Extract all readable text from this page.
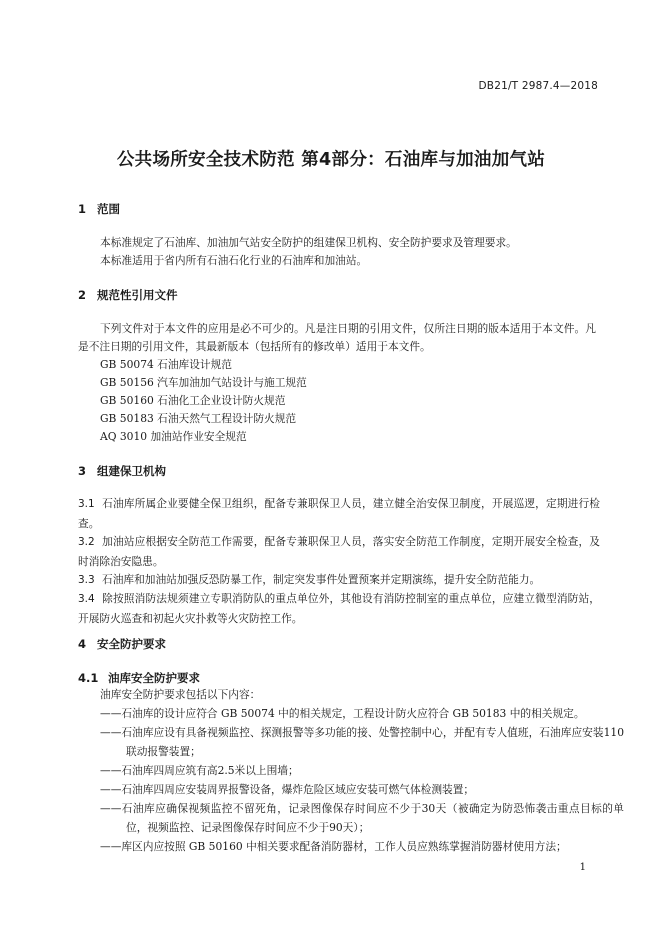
DB21/T 2987.4—2018
公共场所安全技术防范 第4部分：石油库与加油加气站
1 范围
本标准规定了石油库、加油加气站安全防护的组建保卫机构、安全防护要求及管理要求。
本标准适用于省内所有石油石化行业的石油库和加油站。
2 规范性引用文件
下列文件对于本文件的应用是必不可少的。凡是注日期的引用文件，仅所注日期的版本适用于本文件。凡是不注日期的引用文件，其最新版本（包括所有的修改单）适用于本文件。
GB 50074 石油库设计规范
GB 50156 汽车加油加气站设计与施工规范
GB 50160 石油化工企业设计防火规范
GB 50183 石油天然气工程设计防火规范
AQ 3010 加油站作业安全规范
3 组建保卫机构
3.1 石油库所属企业要健全保卫组织，配备专兼职保卫人员，建立健全治安保卫制度，开展巡逻，定期进行检查。
3.2 加油站应根据安全防范工作需要，配备专兼职保卫人员，落实安全防范工作制度，定期开展安全检查，及时消除治安隐患。
3.3 石油库和加油站加强反恐防暴工作，制定突发事件处置预案并定期演练，提升安全防范能力。
3.4 除按照消防法规须建立专职消防队的重点单位外，其他设有消防控制室的重点单位，应建立微型消防站，开展防火巡查和初起火灾扑救等火灾防控工作。
4 安全防护要求
4.1 油库安全防护要求
油库安全防护要求包括以下内容：
——石油库的设计应符合 GB 50074 中的相关规定，工程设计防火应符合 GB 50183 中的相关规定。
——石油库应设有具备视频监控、探测报警等多功能的接、处警控制中心，并配有专人值班，石油库应安装110联动报警装置；
——石油库四周应筑有高2.5米以上围墙；
——石油库四周应安装周界报警设备，爆炸危险区域应安装可燃气体检测装置；
——石油库应确保视频监控不留死角，记录图像保存时间应不少于30天（被确定为防恐怖袭击重点目标的单位，视频监控、记录图像保存时间应不少于90天）；
——库区内应按照 GB 50160 中相关要求配备消防器材，工作人员应熟练掌握消防器材使用方法；
1
